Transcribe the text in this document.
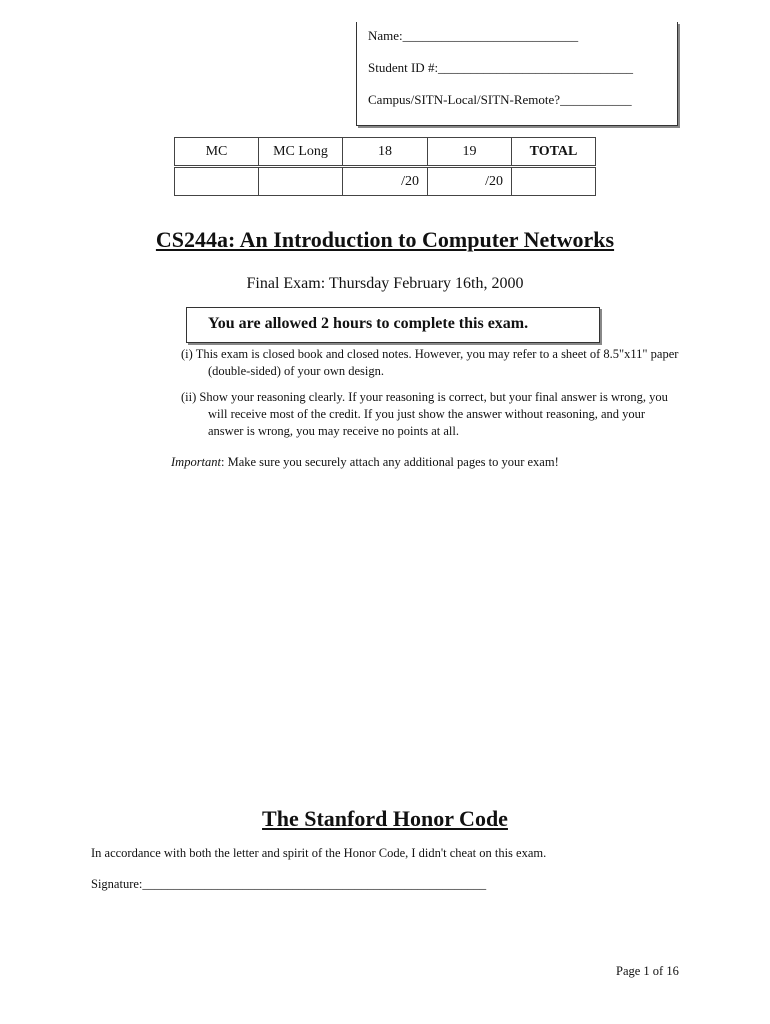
Name:___________________________
Student ID #:______________________________
Campus/SITN-Local/SITN-Remote?___________
MC	MC Long	18	19	TOTAL
		/20	/20	
CS244a: An Introduction to Computer Networks
Final Exam: Thursday February 16th, 2000
You are allowed 2 hours to complete this exam.

(i) This exam is closed book and closed notes. However, you may refer to a sheet of 8.5"x11" paper (double-sided) of your own design.

(ii) Show your reasoning clearly. If your reasoning is correct, but your final answer is wrong, you will receive most of the credit. If you just show the answer without reasoning, and your answer is wrong, you may receive no points at all.

Important: Make sure you securely attach any additional pages to your exam!
The Stanford Honor Code
In accordance with both the letter and spirit of the Honor Code, I didn't cheat on this exam.
Signature:_______________________________________________________
Page 1 of 16
